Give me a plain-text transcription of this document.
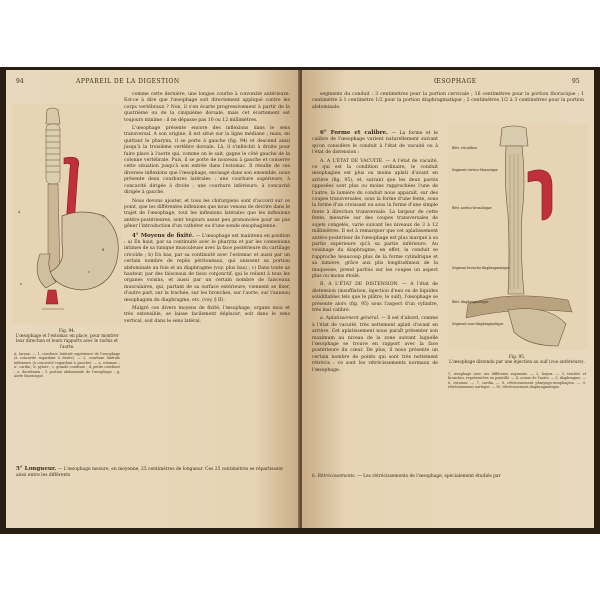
94	APPAREIL DE LA DIGESTION

comme cette dernière, une longue courbe à convexité antérieure. Est-ce à dire que l'œsophage soit directement appliqué contre les corps vertébraux ? Non, il s'en écarte progressivement à partir de la quatrième ou de la cinquième dorsale, mais cet écartement est toujours minime : il ne dépasse pas 10 ou 12 millimètres.

L'œsophage présente encore des inflexions dans le sens transversal. A son origine, il est situé sur la ligne médiane ; mais, en quittant le pharynx, il se porte à gauche (fig. 94) et descend ainsi jusqu'à la troisième vertèbre dorsale. Là, il s'infléchit à droite pour faire place à l'aorte qui, comme on le sait, gagne le côté gauche de la colonne vertébrale. Puis, il se porte de nouveau à gauche et conserve cette situation jusqu'à son entrée dans l'estomac. Il résulte de ces diverses inflexions que l'œsophage, envisagé dans son ensemble, nous présente deux courbures latérales : une courbure supérieure, à concavité dirigée à droite ; une courbure inférieure, à concavité dirigée à gauche.

Nous devons ajouter, et tous les chirurgiens sont d'accord sur ce point, que les différentes inflexions que nous venons de décrire dans le trajet de l'œsophage, tout les inflexions latérales que les inflexions antéro-postérieures, sont toujours assez peu prononcées pour ne pas gêner l'introduction d'un cathéter ou d'une sonde œsophagienne.

4° Moyens de fixité. — L'œsophage est maintenu en position : a) En haut, par sa continuité avec le pharynx et par les connexions intimes de sa tunique musculeuse avec la face postérieure du cartilage cricoïde ; b) En bas, par sa continuité avec l'estomac et aussi par un certain nombre de replis péritonéaux, qui unissent sa portion abdominale au foie et au diaphragme (voy. plus bas) ; c) Dans toute sa hauteur, par des faisceaux de tissu conjonctif, qui le relient à tous les organes voisins, et aussi par un certain nombre de faisceaux musculaires, qui, partant de sa surface extérieure, viennent se fixer, d'autre part, sur la trachée, sur les bronches, sur l'aorte, sur l'anneau œsophagien du diaphragme, etc. (voy. § II).

Malgré ces divers moyens de fixité, l'œsophage, organe mou et très extensible, se laisse facilement déplacer, soit dans le sens vertical, soit dans le sens latéral.

A
C
B
c
e
Fig. 94.
L'œsophage et l'estomac en place, pour montrer leur direction et leurs rapports avec le rachis et l'aorte.
A, larynx. — 1, courbure latérale supérieure de l'œsophage (à concavité regardant à droite). — 2, courbure latérale inférieure (à concavité regardant à gauche). — a, estomac ; a', cardia ; b, pylore ; c, grande courbure ; d, petite courbure ; e, duodénum ; f, portion abdominale de l'œsophage ; g, aorte thoracique.
5° Longueur. — L'œsophage mesure, en moyenne, 25 centimètres de longueur. Ces 25 centimètres se répartissent ainsi entre les différents
ŒSOPHAGE	95

segments du conduit : 3 centimètres pour la portion cervicale ; 16 centimètres pour la portion thoracique ; 1 centimètre à 1 centimètre 1/2 pour la portion diaphragmatique ; 2 centimètres 1/2 à 3 centimètres pour la portion abdominale.

6° Forme et calibre. — La forme et le calibre de l'œsophage varient naturellement suivant qu'on considère le conduit à l'état de vacuité ou à l'état de distension :

A. A L'ÉTAT DE VACUITÉ. — A l'état de vacuité, ce qui est la condition ordinaire, le conduit œsophagien est plus ou moins aplati d'avant en arrière (fig. 95), et, suivant que les deux parois opposées sont plus ou moins rapprochées l'une de l'autre, la lumière du conduit nous apparaît, sur des coupes transversales, sous la forme d'une fente, sous la forme d'un croissant ou sous la forme d'une simple fente à direction transversale. La largeur de cette fente, mesurée sur des coupes transversales de sujets congelés, varie suivant les niveaux de 3 à 12 millimètres. Il est à remarquer que cet aplatissement antéro-postérieur de l'œsophage est plus marqué à sa partie supérieure qu'à sa partie inférieure. Au voisinage du diaphragme, en effet, la conduit se rapproche beaucoup plus de la forme cylindrique et sa lumière, grâce aux plis longitudinaux de la muqueuse, prend parfois sur les coupes un aspect plus ou moins étoilé.

B. A L'ÉTAT DE DISTENSION. — A l'état de distension (insufflation, injection d'eau ou de liquides solidifiables tels que le plâtre, le suif), l'œsophage se présente alors (fig. 95) sous l'aspect d'un cylindre, très mal calibré.

a. Aplatissement général. — Il est d'abord, comme à l'état de vacuité, très nettement aplati d'avant en arrière. Cet aplatissement nous paraît présenter son maximum au niveau de la zone suivant laquelle l'œsophage se trouve en rapport avec la face postérieure du cœur. De plus, il nous présente un certain nombre de points qui sont très nettement rétrécis : ce sont les rétrécissements normaux de l'œsophage.

Rétr. cricoïdien
Segment cervico-thoracique
Rétr. aortico-bronchique
Segment broncho-diaphragmatique
Rétr. diaphragmatique
Segment sous-diaphragmatique
Fig. 95.
L'œsophage distendu par une injection au suif (vue antérieure).
1, œsophage avec ses différents segments. — 2, larynx. — 3, trachée et bronches, représentées en pointillé. — 4, crosse de l'aorte. — 5, diaphragme. — 6, estomac. — 7, cardia. — 8, rétrécissement pharyngo-œsophagien. — 9, rétrécissement aortique. — 10, rétrécissement diaphragmatique.
b. Rétrécissements. — Les rétrécissements de l'œsophage, spécialement étudiés par
